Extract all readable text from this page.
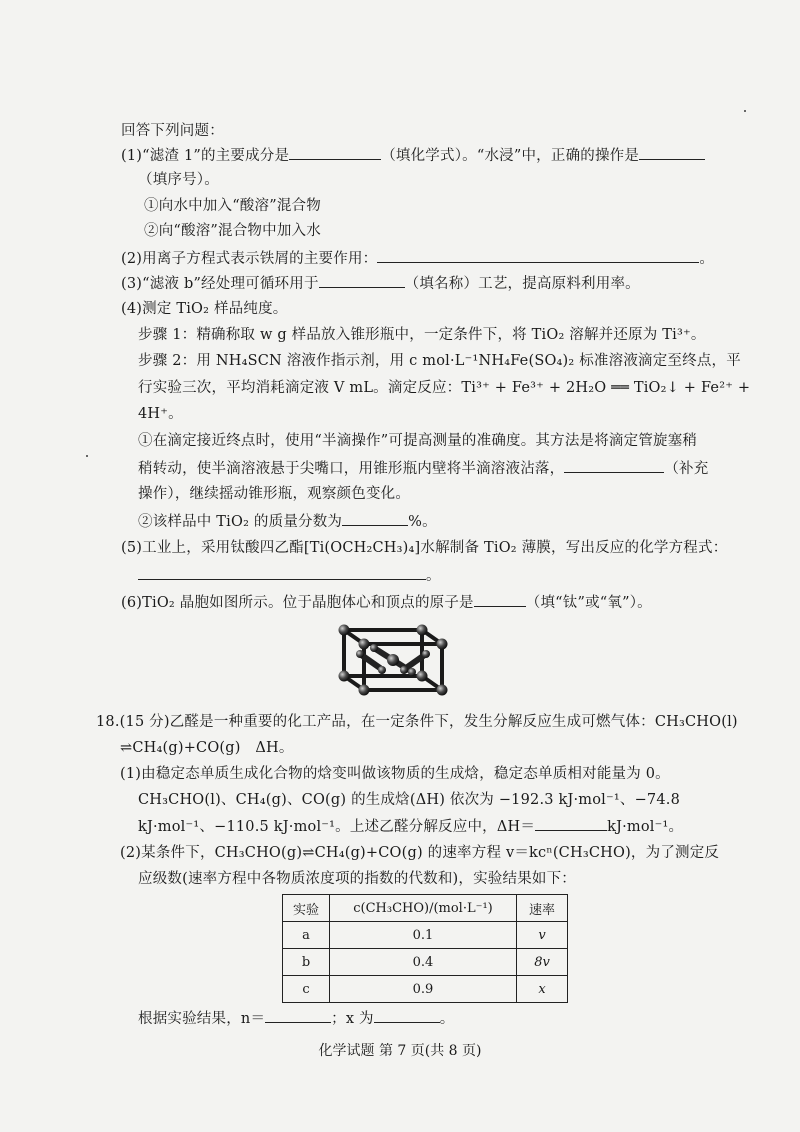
回答下列问题：
(1)“滤渣 1”的主要成分是	（填化学式）。“水浸”中，正确的操作是
（填序号）。
①向水中加入“酸溶”混合物
②向“酸溶”混合物中加入水
(2)用离子方程式表示铁屑的主要作用：	。
(3)“滤液 b”经处理可循环用于	（填名称）工艺，提高原料利用率。
(4)测定 TiO₂ 样品纯度。
步骤 1：精确称取 w g 样品放入锥形瓶中，一定条件下，将 TiO₂ 溶解并还原为 Ti³⁺。
步骤 2：用 NH₄SCN 溶液作指示剂，用 c mol·L⁻¹NH₄Fe(SO₄)₂ 标准溶液滴定至终点，平
行实验三次，平均消耗滴定液 V mL。滴定反应：Ti³⁺ + Fe³⁺ + 2H₂O ══ TiO₂↓ + Fe²⁺ +
4H⁺。
①在滴定接近终点时，使用“半滴操作”可提高测量的准确度。其方法是将滴定管旋塞稍
稍转动，使半滴溶液悬于尖嘴口，用锥形瓶内壁将半滴溶液沾落，	（补充
操作），继续摇动锥形瓶，观察颜色变化。
②该样品中 TiO₂ 的质量分数为	%。
(5)工业上，采用钛酸四乙酯[Ti(OCH₂CH₃)₄]水解制备 TiO₂ 薄膜，写出反应的化学方程式：
。
(6)TiO₂ 晶胞如图所示。位于晶胞体心和顶点的原子是	（填“钛”或“氧”）。
18.(15 分)乙醛是一种重要的化工产品，在一定条件下，发生分解反应生成可燃气体：CH₃CHO(l)
⇌CH₄(g)+CO(g)　ΔH。
(1)由稳定态单质生成化合物的焓变叫做该物质的生成焓，稳定态单质相对能量为 0。
CH₃CHO(l)、CH₄(g)、CO(g) 的生成焓(ΔH) 依次为 −192.3 kJ·mol⁻¹、−74.8
kJ·mol⁻¹、−110.5 kJ·mol⁻¹。上述乙醛分解反应中，ΔH＝	kJ·mol⁻¹。
(2)某条件下，CH₃CHO(g)⇌CH₄(g)+CO(g) 的速率方程 v＝kcⁿ(CH₃CHO)，为了测定反
应级数(速率方程中各物质浓度项的指数的代数和)，实验结果如下：
实验	c(CH₃CHO)/(mol·L⁻¹)	速率
a	0.1	v
b	0.4	8v
c	0.9	x
根据实验结果，n＝	；x 为	。
化学试题 第 7 页(共 8 页)
